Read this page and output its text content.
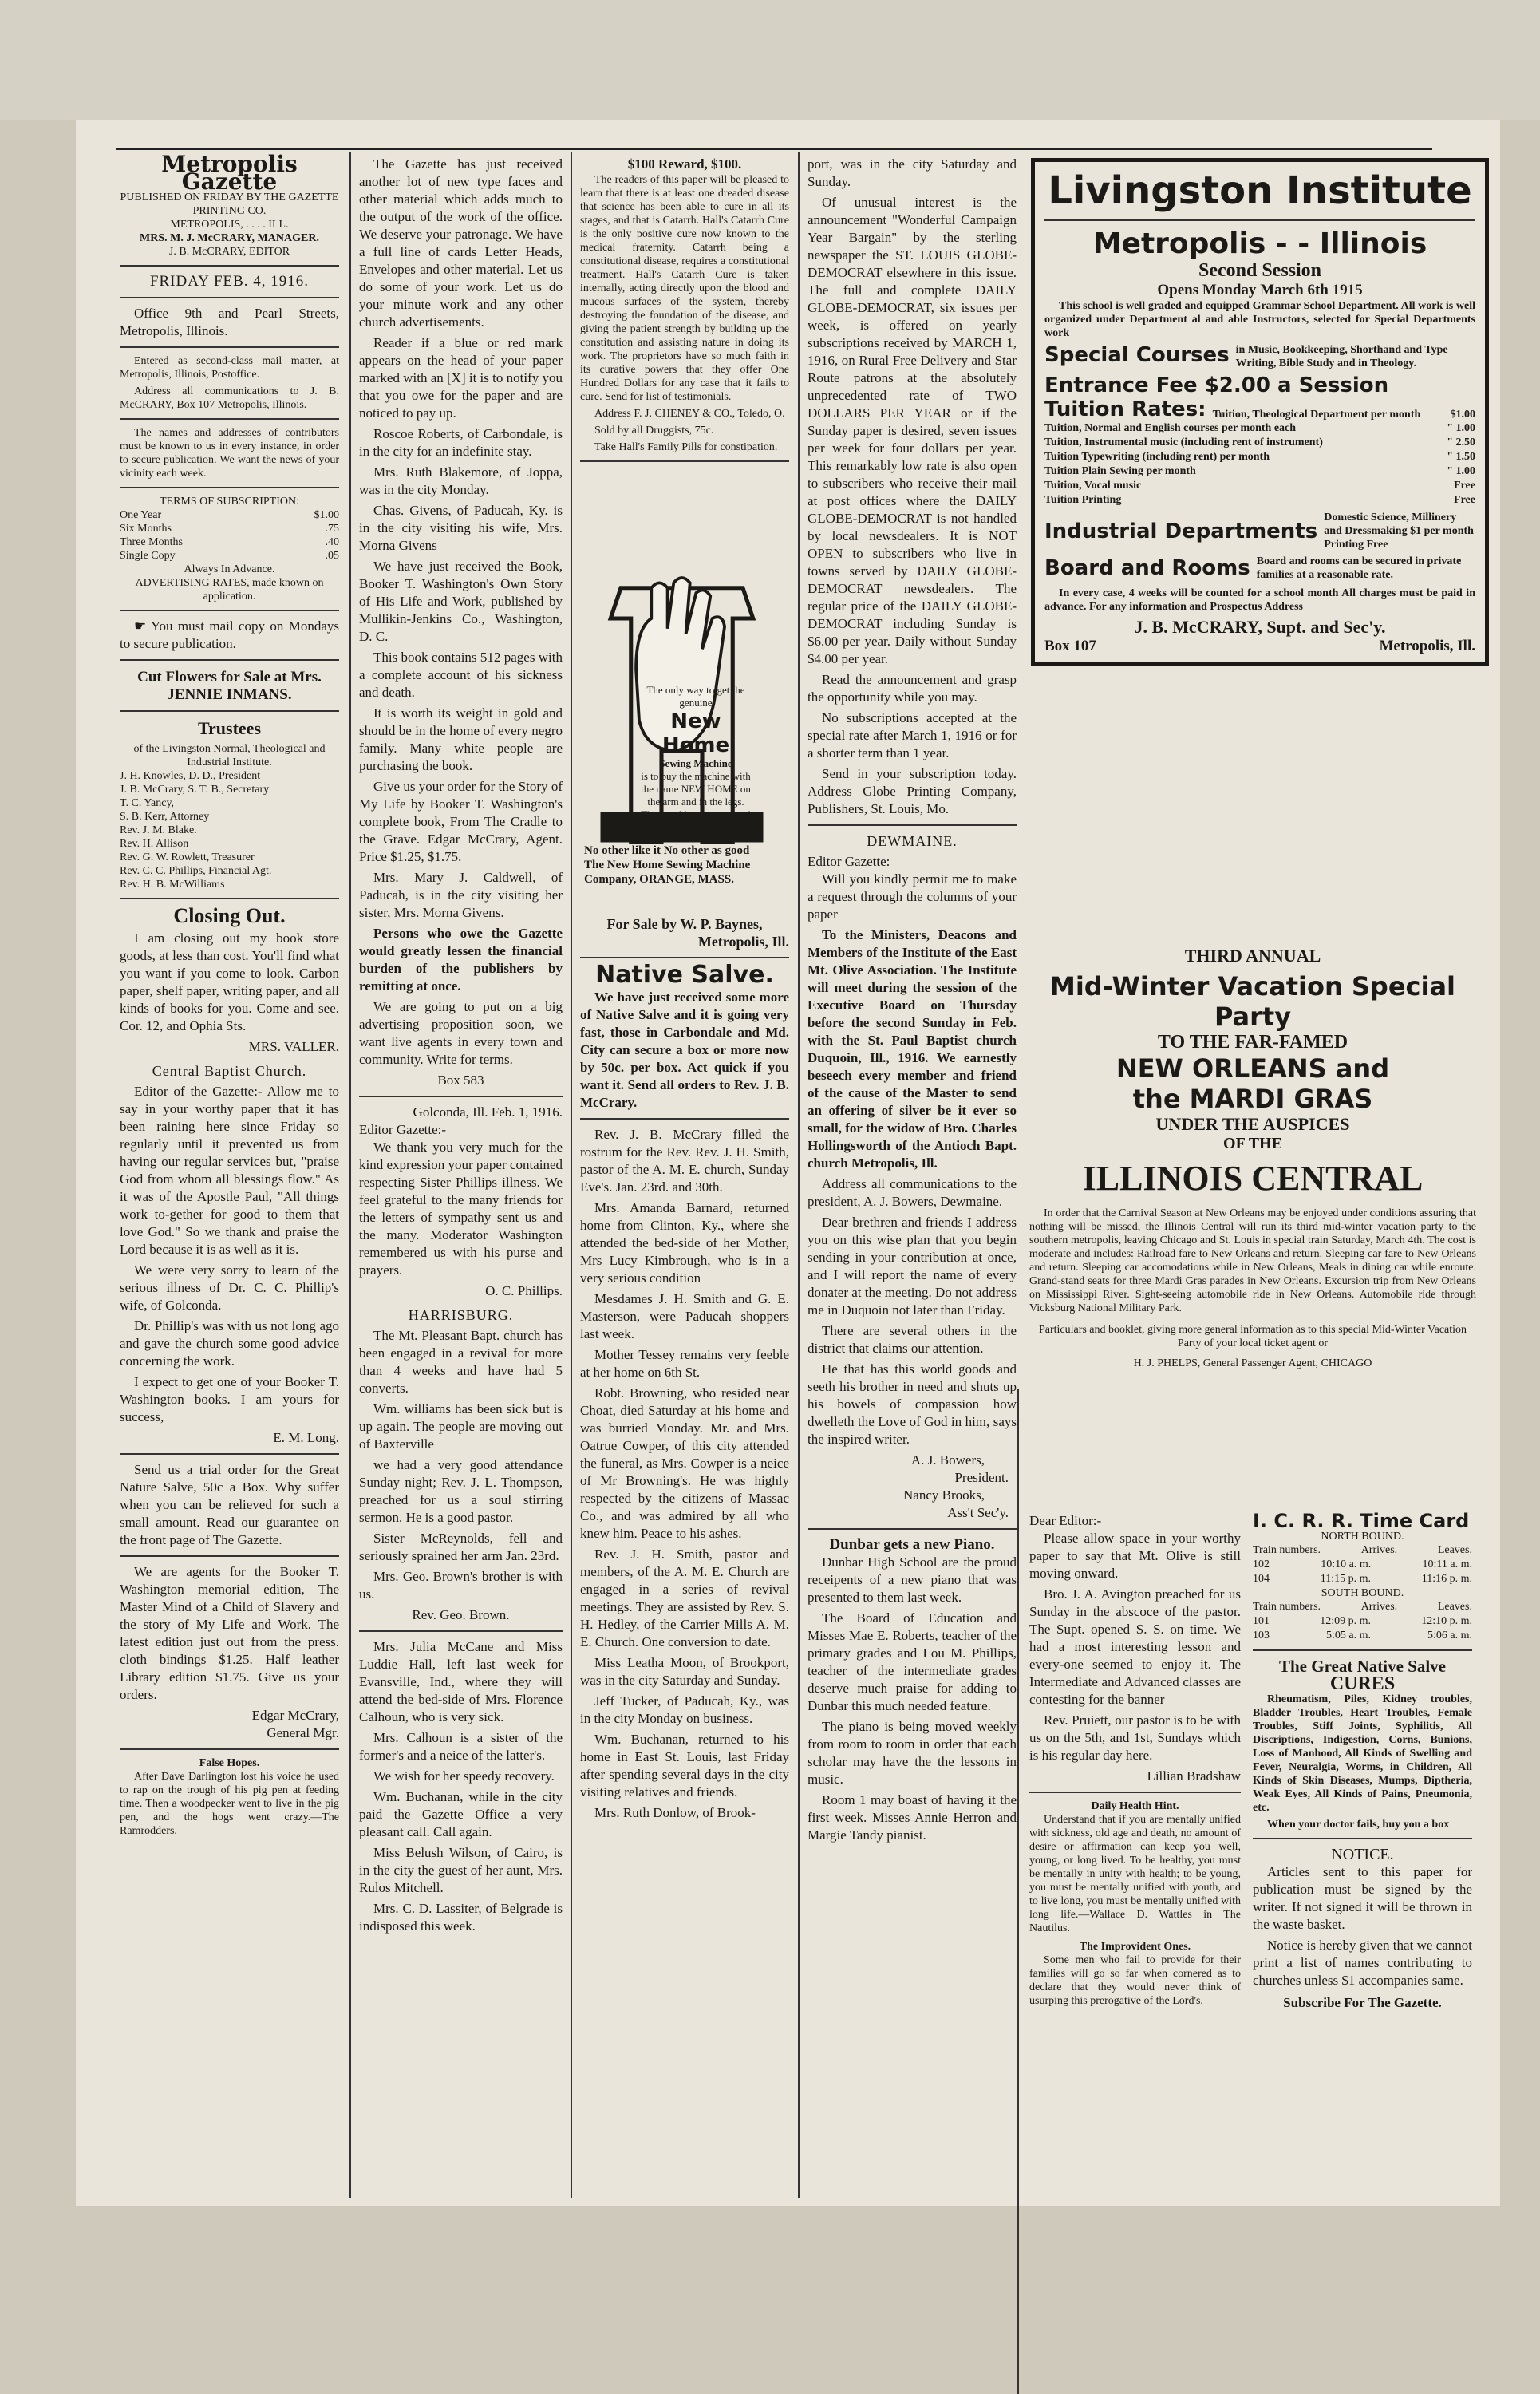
Metropolis Gazette
PUBLISHED ON FRIDAY BY THE GAZETTE PRINTING CO.
METROPOLIS, . . . . ILL.
MRS. M. J. McCRARY, MANAGER.
J. B. McCRARY, EDITOR
FRIDAY FEB. 4, 1916.

Office 9th and Pearl Streets, Metropolis, Illinois.

Entered as second-class mail matter, at Metropolis, Illinois, Postoffice.

Address all communications to J. B. McCRARY, Box 107 Metropolis, Illinois.

The names and addresses of contributors must be known to us in every instance, in order to secure publication. We want the news of your vicinity each week.

TERMS OF SUBSCRIPTION:
One Year	$1.00
Six Months	.75
Three Months	.40
Single Copy	.05
Always In Advance.
ADVERTISING RATES, made known on application.

☛ You must mail copy on Mondays to secure publication.

Cut Flowers for Sale at Mrs. JENNIE INMANS.
Trustees
of the Livingston Normal, Theological and Industrial Institute.
J. H. Knowles, D. D., President
J. B. McCrary, S. T. B., Secretary
T. C. Yancy,
S. B. Kerr, Attorney
Rev. J. M. Blake.
Rev. H. Allison
Rev. G. W. Rowlett, Treasurer
Rev. C. C. Phillips, Financial Agt.
Rev. H. B. McWilliams
Closing Out.

I am closing out my book store goods, at less than cost. You'll find what you want if you come to look. Carbon paper, shelf paper, writing paper, and all kinds of books for you. Come and see. Cor. 12, and Ophia Sts.

MRS. VALLER.
Central Baptist Church.

Editor of the Gazette:- Allow me to say in your worthy paper that it has been raining here since Friday so regularly until it prevented us from having our regular services but, "praise God from whom all blessings flow." As it was of the Apostle Paul, "All things work to-gether for good to them that love God." So we thank and praise the Lord because it is as well as it is.

We were very sorry to learn of the serious illness of Dr. C. C. Phillip's wife, of Golconda.

Dr. Phillip's was with us not long ago and gave the church some good advice concerning the work.

I expect to get one of your Booker T. Washington books. I am yours for success,

E. M. Long.

Send us a trial order for the Great Nature Salve, 50c a Box. Why suffer when you can be relieved for such a small amount. Read our guarantee on the front page of The Gazette.

We are agents for the Booker T. Washington memorial edition, The Master Mind of a Child of Slavery and the story of My Life and Work. The latest edition just out from the press. cloth bindings $1.25. Half leather Library edition $1.75. Give us your orders.

Edgar McCrary,
General Mgr.
False Hopes.

After Dave Darlington lost his voice he used to rap on the trough of his pig pen at feeding time. Then a woodpecker went to live in the pig pen, and the hogs went crazy.—The Ramrodders.

The Gazette has just received another lot of new type faces and other material which adds much to the output of the work of the office. We deserve your patronage. We have a full line of cards Letter Heads, Envelopes and other material. Let us do some of your work. Let us do your minute work and any other church advertisements.

Reader if a blue or red mark appears on the head of your paper marked with an [X] it is to notify you that you owe for the paper and are noticed to pay up.

Roscoe Roberts, of Carbondale, is in the city for an indefinite stay.

Mrs. Ruth Blakemore, of Joppa, was in the city Monday.

Chas. Givens, of Paducah, Ky. is in the city visiting his wife, Mrs. Morna Givens

We have just received the Book, Booker T. Washington's Own Story of His Life and Work, published by Mullikin-Jenkins Co., Washington, D. C.

This book contains 512 pages with a complete account of his sickness and death.

It is worth its weight in gold and should be in the home of every negro family. Many white people are purchasing the book.

Give us your order for the Story of My Life by Booker T. Washington's complete book, From The Cradle to the Grave. Edgar McCrary, Agent. Price $1.25, $1.75.

Mrs. Mary J. Caldwell, of Paducah, is in the city visiting her sister, Mrs. Morna Givens.

Persons who owe the Gazette would greatly lessen the financial burden of the publishers by remitting at once.

We are going to put on a big advertising proposition soon, we want live agents in every town and community. Write for terms.

Box 583
Golconda, Ill. Feb. 1, 1916.
Editor Gazette:-

We thank you very much for the kind expression your paper contained respecting Sister Phillips illness. We feel grateful to the many friends for the letters of sympathy sent us and the many. Moderator Washington remembered us with his purse and prayers.

O. C. Phillips.
HARRISBURG.

The Mt. Pleasant Bapt. church has been engaged in a revival for more than 4 weeks and have had 5 converts.

Wm. williams has been sick but is up again. The people are moving out of Baxterville

we had a very good attendance Sunday night; Rev. J. L. Thompson, preached for us a soul stirring sermon. He is a good pastor.

Sister McReynolds, fell and seriously sprained her arm Jan. 23rd.

Mrs. Geo. Brown's brother is with us.

Rev. Geo. Brown.

Mrs. Julia McCane and Miss Luddie Hall, left last week for Evansville, Ind., where they will attend the bed-side of Mrs. Florence Calhoun, who is very sick.

Mrs. Calhoun is a sister of the former's and a neice of the latter's.

We wish for her speedy recovery.

Wm. Buchanan, while in the city paid the Gazette Office a very pleasant call. Call again.

Miss Belush Wilson, of Cairo, is in the city the guest of her aunt, Mrs. Rulos Mitchell.

Mrs. C. D. Lassiter, of Belgrade is indisposed this week.

$100 Reward, $100.

The readers of this paper will be pleased to learn that there is at least one dreaded disease that science has been able to cure in all its stages, and that is Catarrh. Hall's Catarrh Cure is the only positive cure now known to the medical fraternity. Catarrh being a constitutional disease, requires a constitutional treatment. Hall's Catarrh Cure is taken internally, acting directly upon the blood and mucous surfaces of the system, thereby destroying the foundation of the disease, and giving the patient strength by building up the constitution and assisting nature in doing its work. The proprietors have so much faith in its curative powers that they offer One Hundred Dollars for any case that it fails to cure. Send for list of testimonials.

Address F. J. CHENEY & CO., Toledo, O.

Sold by all Druggists, 75c.

Take Hall's Family Pills for constipation.

The only way to get the genuine
New Home
Sewing Machine
is to buy the machine with the name NEW HOME on the arm and in the legs.
This machine is warranted for all time.
No other like it No other as good
The New Home Sewing Machine Company, ORANGE, MASS.
For Sale by W. P. Baynes,
Metropolis, Ill.
Native Salve.

We have just received some more of Native Salve and it is going very fast, those in Carbondale and Md. City can secure a box or more now by 50c. per box. Act quick if you want it. Send all orders to Rev. J. B. McCrary.

Rev. J. B. McCrary filled the rostrum for the Rev. Rev. J. H. Smith, pastor of the A. M. E. church, Sunday Eve's. Jan. 23rd. and 30th.

Mrs. Amanda Barnard, returned home from Clinton, Ky., where she attended the bed-side of her Mother, Mrs Lucy Kimbrough, who is in a very serious condition

Mesdames J. H. Smith and G. E. Masterson, were Paducah shoppers last week.

Mother Tessey remains very feeble at her home on 6th St.

Robt. Browning, who resided near Choat, died Saturday at his home and was burried Monday. Mr. and Mrs. Oatrue Cowper, of this city attended the funeral, as Mrs. Cowper is a neice of Mr Browning's. He was highly respected by the citizens of Massac Co., and was admired by all who knew him. Peace to his ashes.

Rev. J. H. Smith, pastor and members, of the A. M. E. Church are engaged in a series of revival meetings. They are assisted by Rev. S. H. Hedley, of the Carrier Mills A. M. E. Church. One conversion to date.

Miss Leatha Moon, of Brookport, was in the city Saturday and Sunday.

Jeff Tucker, of Paducah, Ky., was in the city Monday on business.

Wm. Buchanan, returned to his home in East St. Louis, last Friday after spending several days in the city visiting relatives and friends.

Mrs. Ruth Donlow, of Brook-

port, was in the city Saturday and Sunday.

Of unusual interest is the announcement "Wonderful Campaign Year Bargain" by the sterling newspaper the ST. LOUIS GLOBE-DEMOCRAT elsewhere in this issue. The full and complete DAILY GLOBE-DEMOCRAT, six issues per week, is offered on yearly subscriptions received by MARCH 1, 1916, on Rural Free Delivery and Star Route patrons at the absolutely unprecedented rate of TWO DOLLARS PER YEAR or if the Sunday paper is desired, seven issues per week for four dollars per year. This remarkably low rate is also open to subscribers who receive their mail at post offices where the DAILY GLOBE-DEMOCRAT is not handled by local newsdealers. It is NOT OPEN to subscribers who live in towns served by DAILY GLOBE-DEMOCRAT newsdealers. The regular price of the DAILY GLOBE-DEMOCRAT including Sunday is $6.00 per year. Daily without Sunday $4.00 per year.

Read the announcement and grasp the opportunity while you may.

No subscriptions accepted at the special rate after March 1, 1916 or for a shorter term than 1 year.

Send in your subscription today. Address Globe Printing Company, Publishers, St. Louis, Mo.

DEWMAINE.
Editor Gazette:

Will you kindly permit me to make a request through the columns of your paper

To the Ministers, Deacons and Members of the Institute of the East Mt. Olive Association. The Institute will meet during the session of the Executive Board on Thursday before the second Sunday in Feb. with the St. Paul Baptist church Duquoin, Ill., 1916. We earnestly beseech every member and friend of the cause of the Master to send an offering of silver be it ever so small, for the widow of Bro. Charles Hollingsworth of the Antioch Bapt. church Metropolis, Ill.

Address all communications to the president, A. J. Bowers, Dewmaine.

Dear brethren and friends I address you on this wise plan that you begin sending in your contribution at once, and I will report the name of every donater at the meeting. Do not address me in Duquoin not later than Friday.

There are several others in the district that claims our attention.

He that has this world goods and seeth his brother in need and shuts up his bowels of compassion how dwelleth the Love of God in him, says the inspired writer.

A. J. Bowers,
President.
Nancy Brooks,
Ass't Sec'y.
Dunbar gets a new Piano.

Dunbar High School are the proud receipents of a new piano that was presented to them last week.

The Board of Education and Misses Mae E. Roberts, teacher of the primary grades and Lou M. Phillips, teacher of the intermediate grades deserve much praise for adding to Dunbar this much needed feature.

The piano is being moved weekly from room to room in order that each scholar may have the the lessons in music.

Room 1 may boast of having it the first week. Misses Annie Herron and Margie Tandy pianist.

Livingston Institute
Metropolis - - Illinois
Second Session
Opens Monday March 6th 1915

This school is well graded and equipped Grammar School Department. All work is well organized under Department al and able Instructors, selected for Special Departments work

Special Courses in Music, Bookkeeping, Shorthand and Type Writing, Bible Study and in Theology.
Entrance Fee $2.00 a Session
Tuition Rates: Tuition, Theological Department per month	$1.00
Tuition, Normal and English courses per month each	" 1.00
Tuition, Instrumental music (including rent of instrument)	" 2.50
Tuition Typewriting (including rent) per month	" 1.50
Tuition Plain Sewing per month	" 1.00
Tuition, Vocal music	Free
Tuition Printing	Free
Industrial Departments
Domestic Science, Millinery and Dressmaking $1 per month Printing Free
Board and Rooms Board and rooms can be secured in private families at a reasonable rate.

In every case, 4 weeks will be counted for a school month All charges must be paid in advance. For any information and Prospectus Address

J. B. McCRARY, Supt. and Sec'y.
Box 107	Metropolis, Ill.
THIRD ANNUAL
Mid-Winter Vacation Special Party
TO THE FAR-FAMED
NEW ORLEANS and
the MARDI GRAS
UNDER THE AUSPICES
OF THE
ILLINOIS CENTRAL

In order that the Carnival Season at New Orleans may be enjoyed under conditions assuring that nothing will be missed, the Illinois Central will run its third mid-winter vacation party to the southern metropolis, leaving Chicago and St. Louis in special train Saturday, March 4th. The cost is moderate and includes: Railroad fare to New Orleans and return. Sleeping car fare to New Orleans and return. Sleeping car accomodations while in New Orleans, Meals in dining car while enroute. Grand-stand seats for three Mardi Gras parades in New Orleans. Excursion trip from New Orleans on Mississippi River. Sight-seeing automobile ride in New Orleans. Automobile ride through Vicksburg National Military Park.

Particulars and booklet, giving more general information as to this special Mid-Winter Vacation Party of your local ticket agent or

H. J. PHELPS, General Passenger Agent, CHICAGO

Dear Editor:-

Please allow space in your worthy paper to say that Mt. Olive is still moving onward.

Bro. J. A. Avington preached for us Sunday in the abscoce of the pastor. The Supt. opened S. S. on time. We had a most interesting lesson and every-one seemed to enjoy it. The Intermediate and Advanced classes are contesting for the banner

Rev. Pruiett, our pastor is to be with us on the 5th, and 1st, Sundays which is his regular day here.

Lillian Bradshaw
Daily Health Hint.

Understand that if you are mentally unified with sickness, old age and death, no amount of desire or affirmation can keep you well, young, or long lived. To be healthy, you must be mentally in unity with health; to be young, you must be mentally unified with youth, and to live long, you must be mentally unified with long life.—Wallace D. Wattles in The Nautilus.

The Improvident Ones.

Some men who fail to provide for their families will go so far when cornered as to declare that they would never think of usurping this prerogative of the Lord's.

I. C. R. R. Time Card
NORTH BOUND.
Train numbers.	Arrives.	Leaves.
102	10:10 a. m.	10:11 a. m.
104	11:15 p. m.	11:16 p. m.
SOUTH BOUND.
Train numbers.	Arrives.	Leaves.
101	12:09 p. m.	12:10 p. m.
103	5:05 a. m.	5:06 a. m.
The Great Native Salve
CURES

Rheumatism, Piles, Kidney troubles, Bladder Troubles, Heart Troubles, Female Troubles, Stiff Joints, Syphilitis, All Discriptions, Indigestion, Corns, Bunions, Loss of Manhood, All Kinds of Swelling and Fever, Neuralgia, Worms, in Children, All Kinds of Skin Diseases, Mumps, Diptheria, Weak Eyes, All Kinds of Pains, Pneumonia, etc.

When your doctor fails, buy you a box

NOTICE.

Articles sent to this paper for publication must be signed by the writer. If not signed it will be thrown in the waste basket.

Notice is hereby given that we cannot print a list of names contributing to churches unless $1 accompanies same.

Subscribe For The Gazette.
